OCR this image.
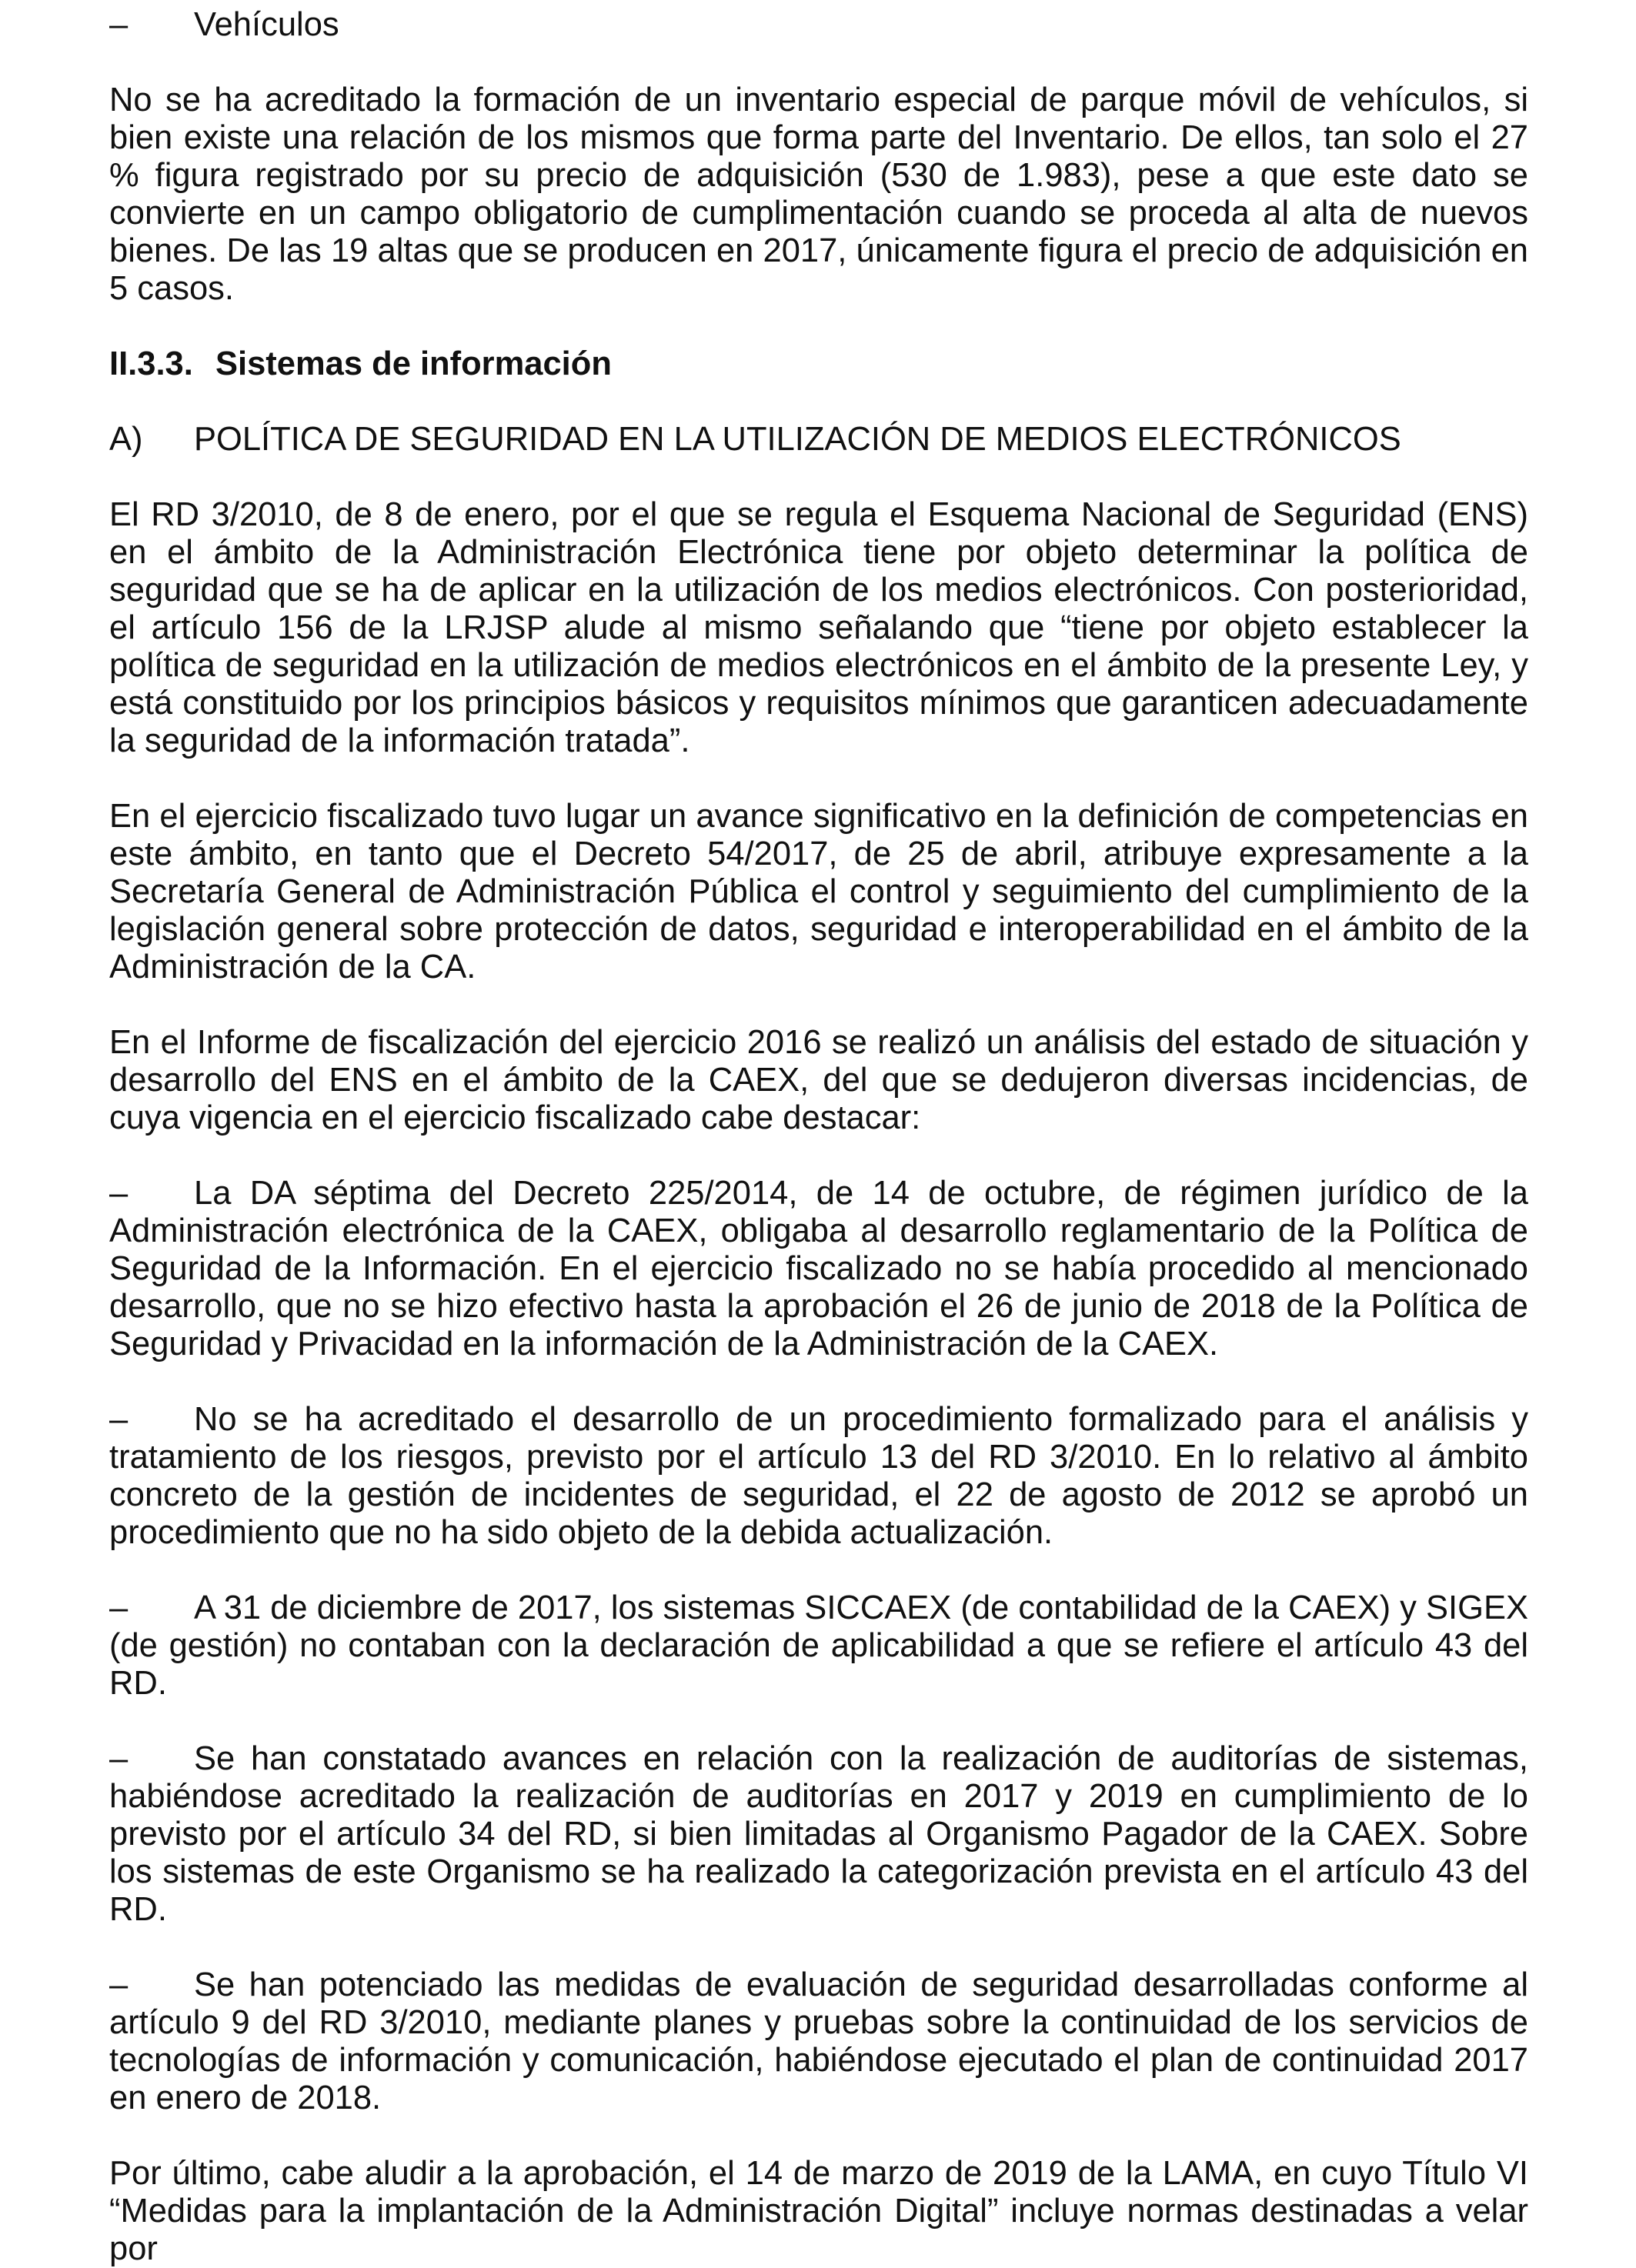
– Vehículos

No se ha acreditado la formación de un inventario especial de parque móvil de vehículos, si bien existe una relación de los mismos que forma parte del Inventario. De ellos, tan solo el 27 % figura registrado por su precio de adquisición (530 de 1.983), pese a que este dato se convierte en un campo obligatorio de cumplimentación cuando se proceda al alta de nuevos bienes. De las 19 altas que se producen en 2017, únicamente figura el precio de adquisición en 5 casos.

II.3.3. Sistemas de información
A)	POLÍTICA DE SEGURIDAD EN LA UTILIZACIÓN DE MEDIOS ELECTRÓNICOS

El RD 3/2010, de 8 de enero, por el que se regula el Esquema Nacional de Seguridad (ENS) en el ámbito de la Administración Electrónica tiene por objeto determinar la política de seguridad que se ha de aplicar en la utilización de los medios electrónicos. Con posterioridad, el artículo 156 de la LRJSP alude al mismo señalando que “tiene por objeto establecer la política de seguridad en la utilización de medios electrónicos en el ámbito de la presente Ley, y está constituido por los principios básicos y requisitos mínimos que garanticen adecuadamente la seguridad de la información tratada”.

En el ejercicio fiscalizado tuvo lugar un avance significativo en la definición de competencias en este ámbito, en tanto que el Decreto 54/2017, de 25 de abril, atribuye expresamente a la Secretaría General de Administración Pública el control y seguimiento del cumplimiento de la legislación general sobre protección de datos, seguridad e interoperabilidad en el ámbito de la Administración de la CA.

En el Informe de fiscalización del ejercicio 2016 se realizó un análisis del estado de situación y desarrollo del ENS en el ámbito de la CAEX, del que se dedujeron diversas incidencias, de cuya vigencia en el ejercicio fiscalizado cabe destacar:

– La DA séptima del Decreto 225/2014, de 14 de octubre, de régimen jurídico de la Administración electrónica de la CAEX, obligaba al desarrollo reglamentario de la Política de Seguridad de la Información. En el ejercicio fiscalizado no se había procedido al mencionado desarrollo, que no se hizo efectivo hasta la aprobación el 26 de junio de 2018 de la Política de Seguridad y Privacidad en la información de la Administración de la CAEX.
– No se ha acreditado el desarrollo de un procedimiento formalizado para el análisis y tratamiento de los riesgos, previsto por el artículo 13 del RD 3/2010. En lo relativo al ámbito concreto de la gestión de incidentes de seguridad, el 22 de agosto de 2012 se aprobó un procedimiento que no ha sido objeto de la debida actualización.
– A 31 de diciembre de 2017, los sistemas SICCAEX (de contabilidad de la CAEX) y SIGEX (de gestión) no contaban con la declaración de aplicabilidad a que se refiere el artículo 43 del RD.
– Se han constatado avances en relación con la realización de auditorías de sistemas, habiéndose acreditado la realización de auditorías en 2017 y 2019 en cumplimiento de lo previsto por el artículo 34 del RD, si bien limitadas al Organismo Pagador de la CAEX. Sobre los sistemas de este Organismo se ha realizado la categorización prevista en el artículo 43 del RD.
– Se han potenciado las medidas de evaluación de seguridad desarrolladas conforme al artículo 9 del RD 3/2010, mediante planes y pruebas sobre la continuidad de los servicios de tecnologías de información y comunicación, habiéndose ejecutado el plan de continuidad 2017 en enero de 2018.

Por último, cabe aludir a la aprobación, el 14 de marzo de 2019 de la LAMA, en cuyo Título VI “Medidas para la implantación de la Administración Digital” incluye normas destinadas a velar por
